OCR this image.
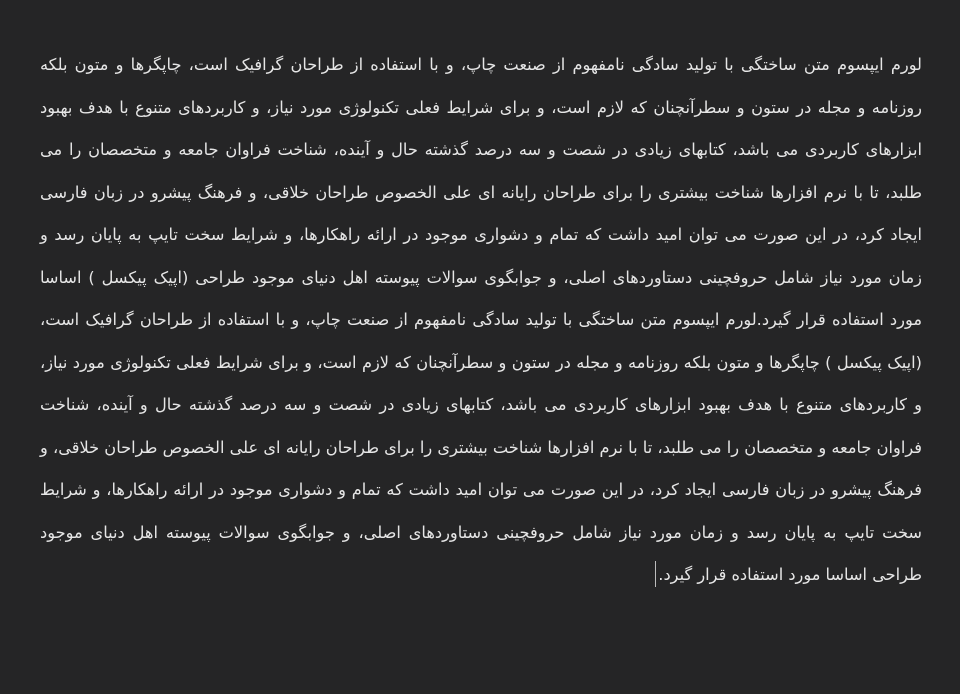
لورم ایپسوم متن ساختگی با تولید سادگی نامفهوم از صنعت چاپ، و با استفاده از طراحان گرافیک است، چاپگرها و متون بلکه روزنامه و مجله در ستون و سطرآنچنان که لازم است، و برای شرایط فعلی تکنولوژی مورد نیاز، و کاربردهای متنوع با هدف بهبود ابزارهای کاربردی می باشد، کتابهای زیادی در شصت و سه درصد گذشته حال و آینده، شناخت فراوان جامعه و متخصصان را می طلبد، تا با نرم افزارها شناخت بیشتری را برای طراحان رایانه ای علی الخصوص طراحان خلاقی، و فرهنگ پیشرو در زبان فارسی ایجاد کرد، در این صورت می توان امید داشت که تمام و دشواری موجود در ارائه راهکارها، و شرایط سخت تایپ به پایان رسد و زمان مورد نیاز شامل حروفچینی دستاوردهای اصلی، و جوابگوی سوالات پیوسته اهل دنیای موجود طراحی (اپیک پیکسل ) اساسا مورد استفاده قرار گیرد.لورم ایپسوم متن ساختگی با تولید سادگی نامفهوم از صنعت چاپ، و با استفاده از طراحان گرافیک است، (اپیک پیکسل ) چاپگرها و متون بلکه روزنامه و مجله در ستون و سطرآنچنان که لازم است، و برای شرایط فعلی تکنولوژی مورد نیاز، و کاربردهای متنوع با هدف بهبود ابزارهای کاربردی می باشد، کتابهای زیادی در شصت و سه درصد گذشته حال و آینده، شناخت فراوان جامعه و متخصصان را می طلبد، تا با نرم افزارها شناخت بیشتری را برای طراحان رایانه ای علی الخصوص طراحان خلاقی، و فرهنگ پیشرو در زبان فارسی ایجاد کرد، در این صورت می توان امید داشت که تمام و دشواری موجود در ارائه راهکارها، و شرایط سخت تایپ به پایان رسد و زمان مورد نیاز شامل حروفچینی دستاوردهای اصلی، و جوابگوی سوالات پیوسته اهل دنیای موجود طراحی اساسا مورد استفاده قرار گیرد.
